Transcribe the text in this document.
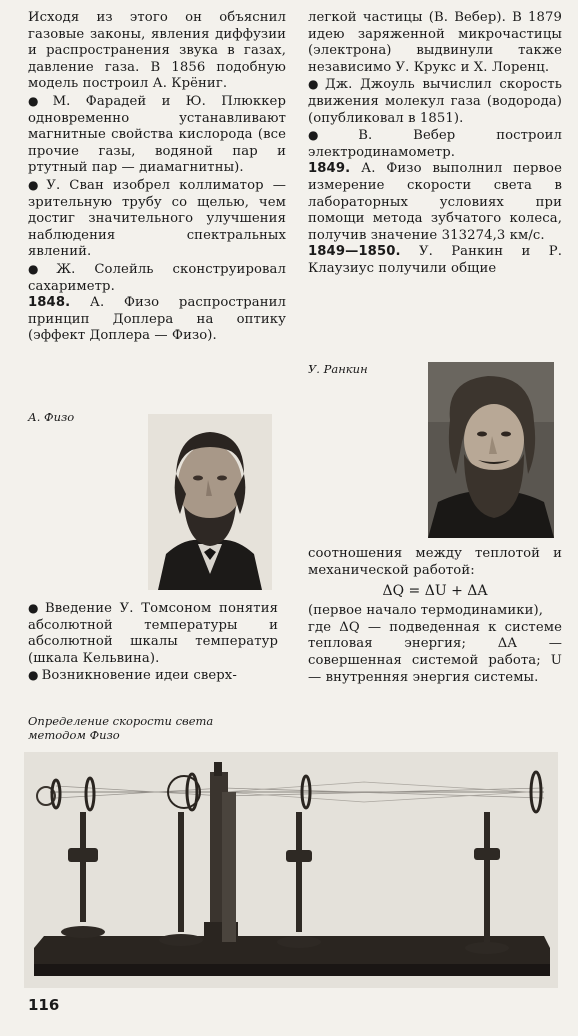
Исходя из этого он объяснил газовые законы, явления диффузии и распространения звука в газах, давление газа. В 1856 подобную модель построил А. Крёниг.

● М. Фарадей и Ю. Плюккер одновременно устанавливают магнитные свойства кислорода (все прочие газы, водяной пар и ртутный пар — диамагнитны).

● У. Сван изобрел коллиматор — зрительную трубу со щелью, чем достиг значительного улучшения наблюдения спектральных явлений.

● Ж. Солейль сконструировал сахариметр.

1848. А. Физо распространил принцип Доплера на оптику (эффект Доплера — Физо).

А. Физо

● Введение У. Томсоном понятия абсолютной температуры и абсолютной шкалы температур (шкала Кельвина).

● Возникновение идеи сверх-

легкой частицы (В. Вебер). В 1879 идею заряженной микрочастицы (электрона) выдвинули также независимо У. Крукс и Х. Лоренц.

● Дж. Джоуль вычислил скорость движения молекул газа (водорода) (опубликовал в 1851).

● В. Вебер построил электродинамометр.

1849. А. Физо выполнил первое измерение скорости света в лабораторных условиях при помощи метода зубчатого колеса, получив значение 313274,3 км/с.

1849—1850. У. Ранкин и Р. Клаузиус получили общие

У. Ранкин

соотношения между теплотой и механической работой:

ΔQ = ΔU + ΔA

(первое начало термодинамики),

где ΔQ — подведенная к системе тепловая энергия; ΔA — совершенная системой работа; U — внутренняя энергия системы.

Определение скорости света методом Физо
116
